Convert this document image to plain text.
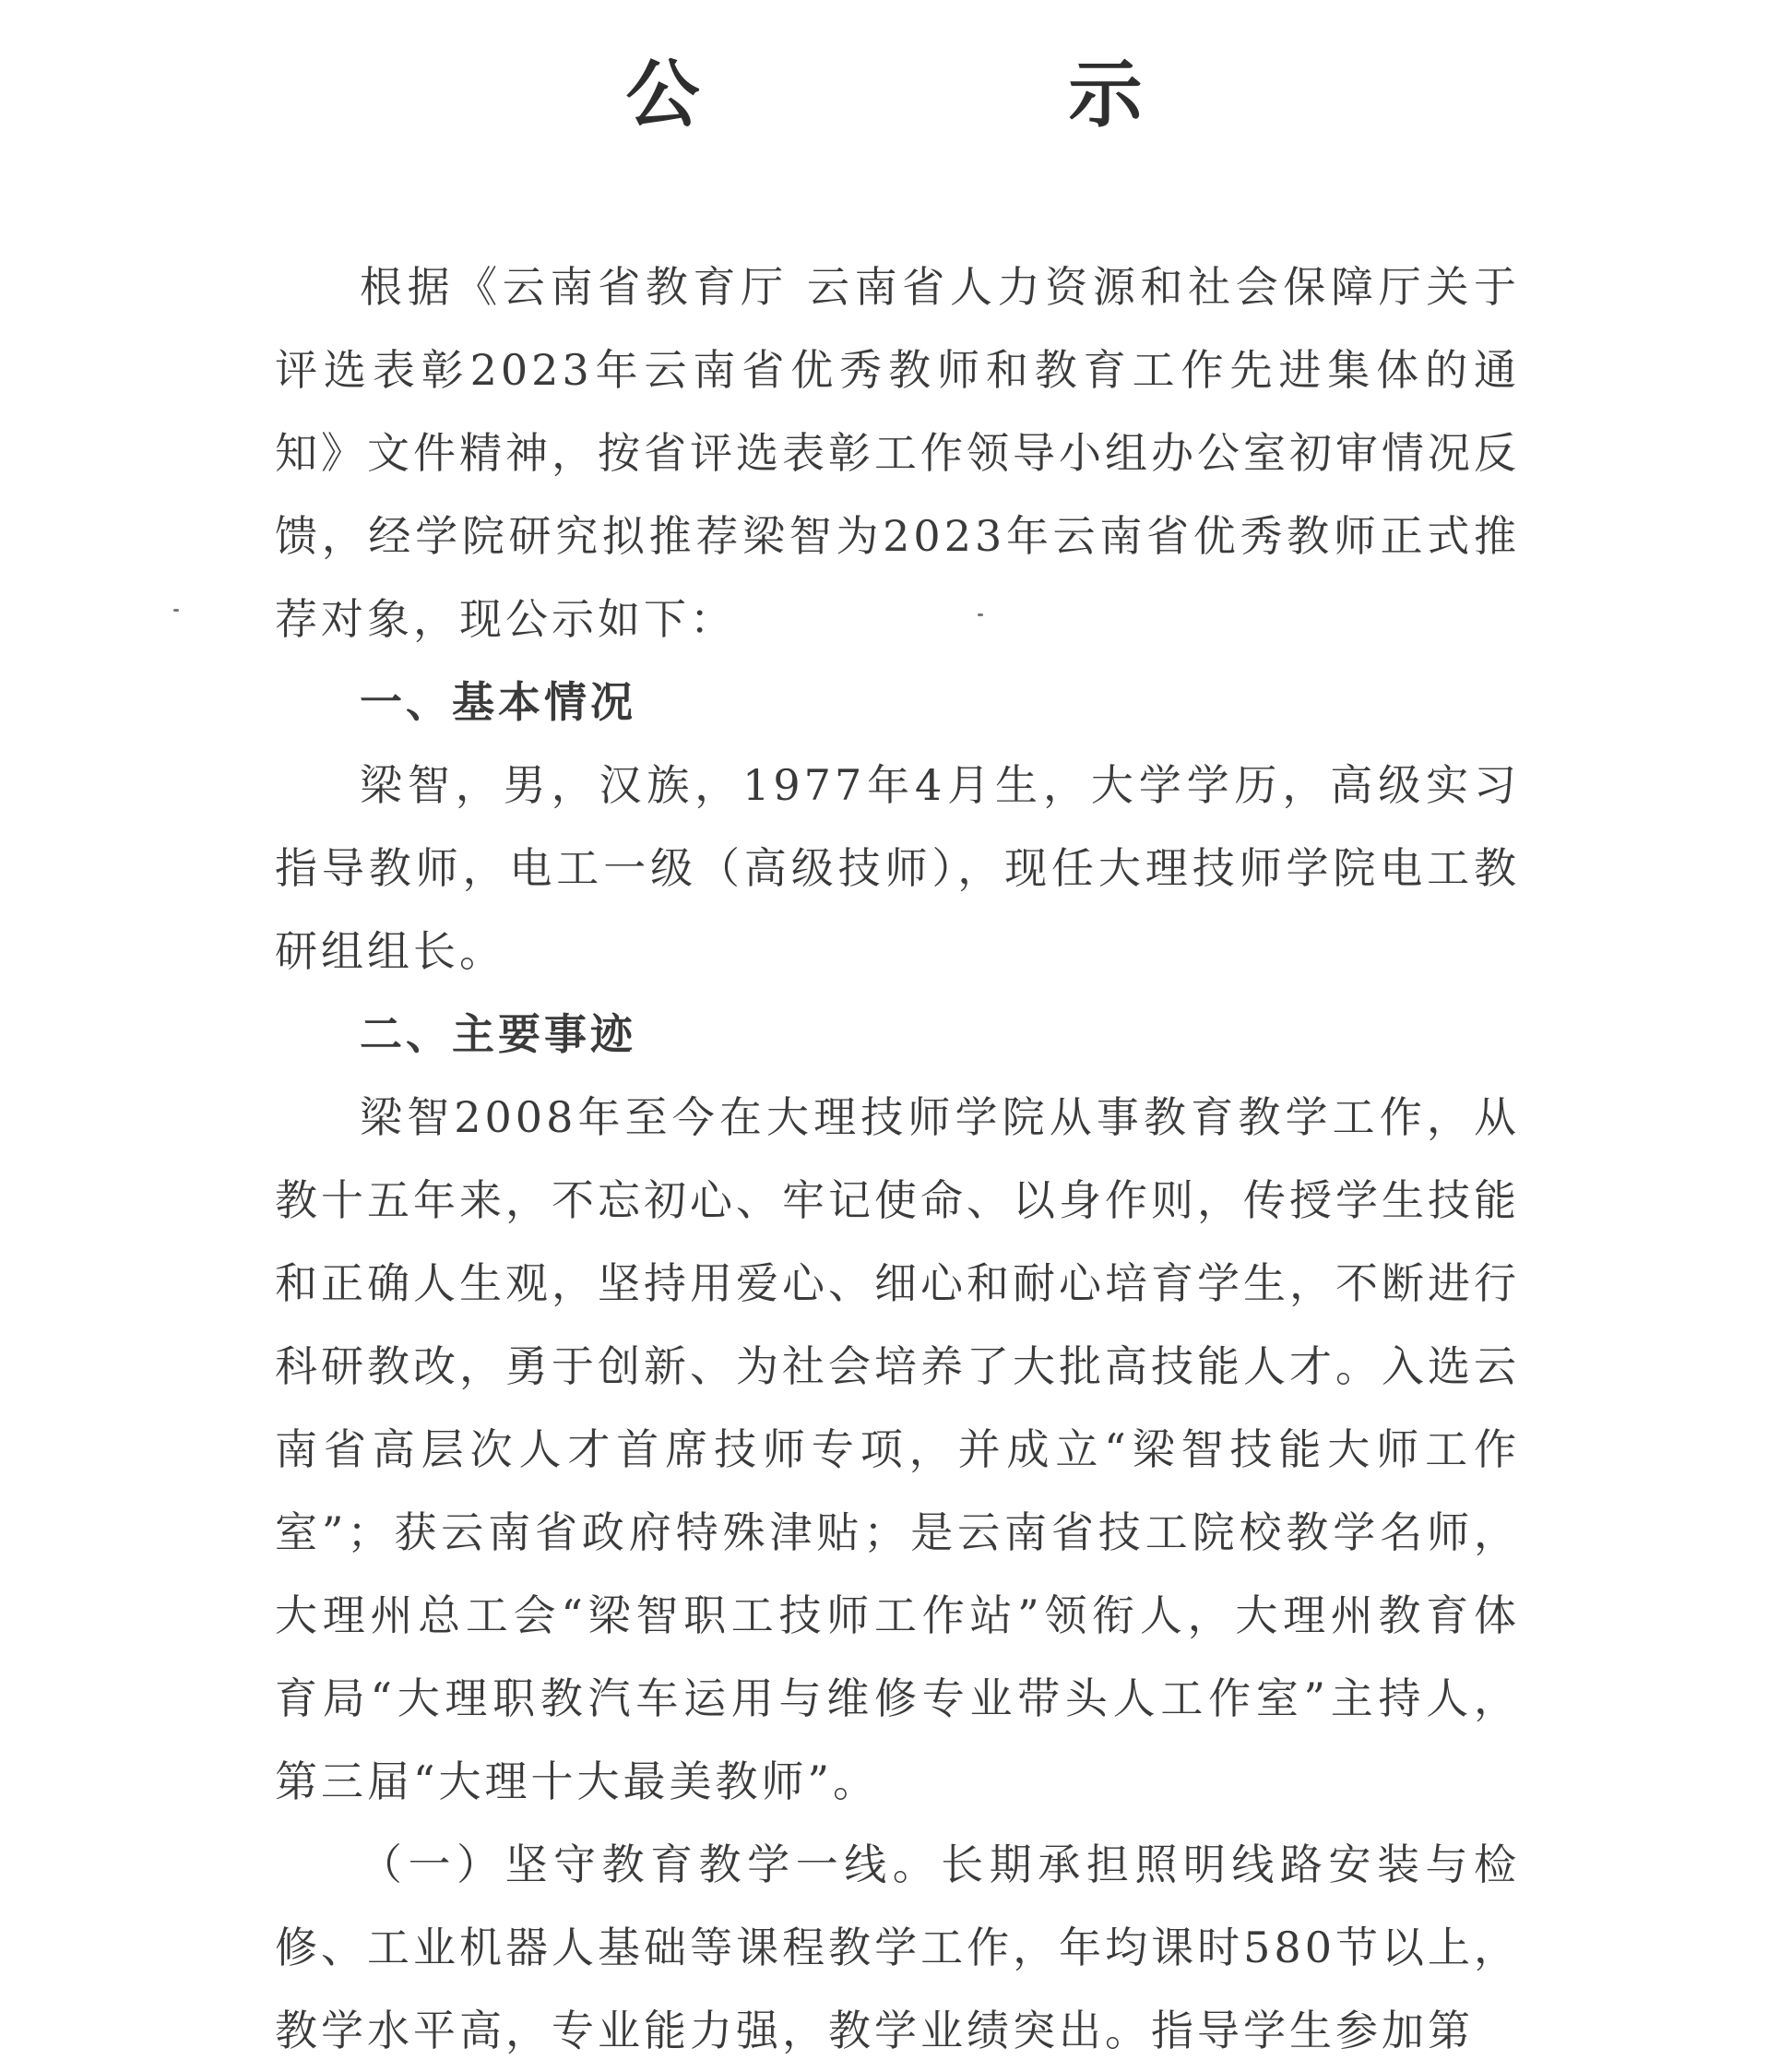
公　示

根据《云南省教育厅 云南省人力资源和社会保障厅关于评选表彰2023年云南省优秀教师和教育工作先进集体的通知》文件精神，按省评选表彰工作领导小组办公室初审情况反馈，经学院研究拟推荐梁智为2023年云南省优秀教师正式推荐对象，现公示如下：

一、基本情况

梁智，男，汉族，1977年4月生，大学学历，高级实习指导教师，电工一级（高级技师），现任大理技师学院电工教研组组长。

二、主要事迹

梁智2008年至今在大理技师学院从事教育教学工作，从教十五年来，不忘初心、牢记使命、以身作则，传授学生技能和正确人生观，坚持用爱心、细心和耐心培育学生，不断进行科研教改，勇于创新、为社会培养了大批高技能人才。入选云南省高层次人才首席技师专项，并成立“梁智技能大师工作室”；获云南省政府特殊津贴；是云南省技工院校教学名师，大理州总工会“梁智职工技师工作站”领衔人，大理州教育体育局“大理职教汽车运用与维修专业带头人工作室”主持人，第三届“大理十大最美教师”。

（一）坚守教育教学一线。长期承担照明线路安装与检修、工业机器人基础等课程教学工作，年均课时580节以上，教学水平高，专业能力强，教学业绩突出。指导学生参加第
